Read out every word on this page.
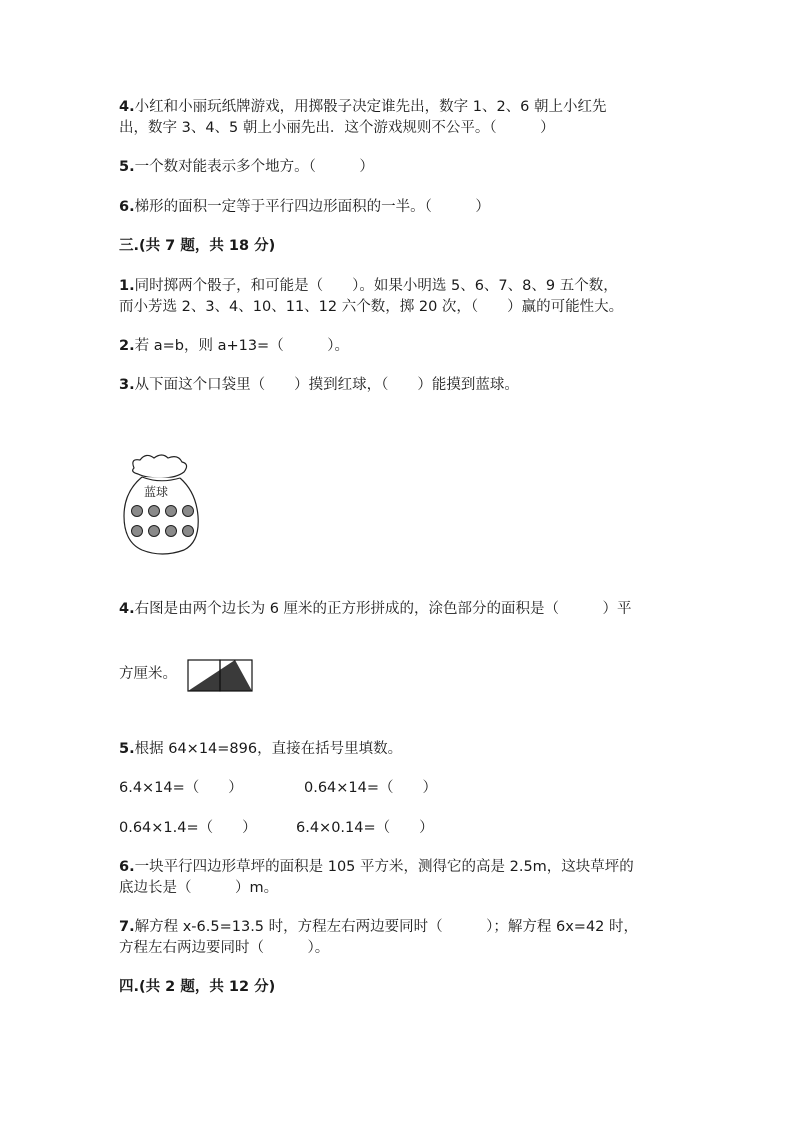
4.小红和小丽玩纸牌游戏，用掷骰子决定谁先出，数字 1、2、6 朝上小红先
出，数字 3、4、5 朝上小丽先出．这个游戏规则不公平。（　　　）
5.一个数对能表示多个地方。（　　　）
6.梯形的面积一定等于平行四边形面积的一半。（　　　）
三.(共 7 题，共 18 分)
1.同时掷两个骰子，和可能是（　　）。如果小明选 5、6、7、8、9 五个数，
而小芳选 2、3、4、10、11、12 六个数，掷 20 次，（　　）赢的可能性大。
2.若 a=b，则 a+13=（　　　）。
3.从下面这个口袋里（　　）摸到红球，（　　）能摸到蓝球。
蓝球
4.右图是由两个边长为 6 厘米的正方形拼成的，涂色部分的面积是（　　　）平
方厘米。
5.根据 64×14=896，直接在括号里填数。
6.4×14=（　　）	0.64×14=（　　）
0.64×1.4=（　　）	6.4×0.14=（　　）
6.一块平行四边形草坪的面积是 105 平方米，测得它的高是 2.5m，这块草坪的
底边长是（　　　）m。
7.解方程 x-6.5=13.5 时，方程左右两边要同时（　　　）；解方程 6x=42 时，
方程左右两边要同时（　　　）。
四.(共 2 题，共 12 分)
